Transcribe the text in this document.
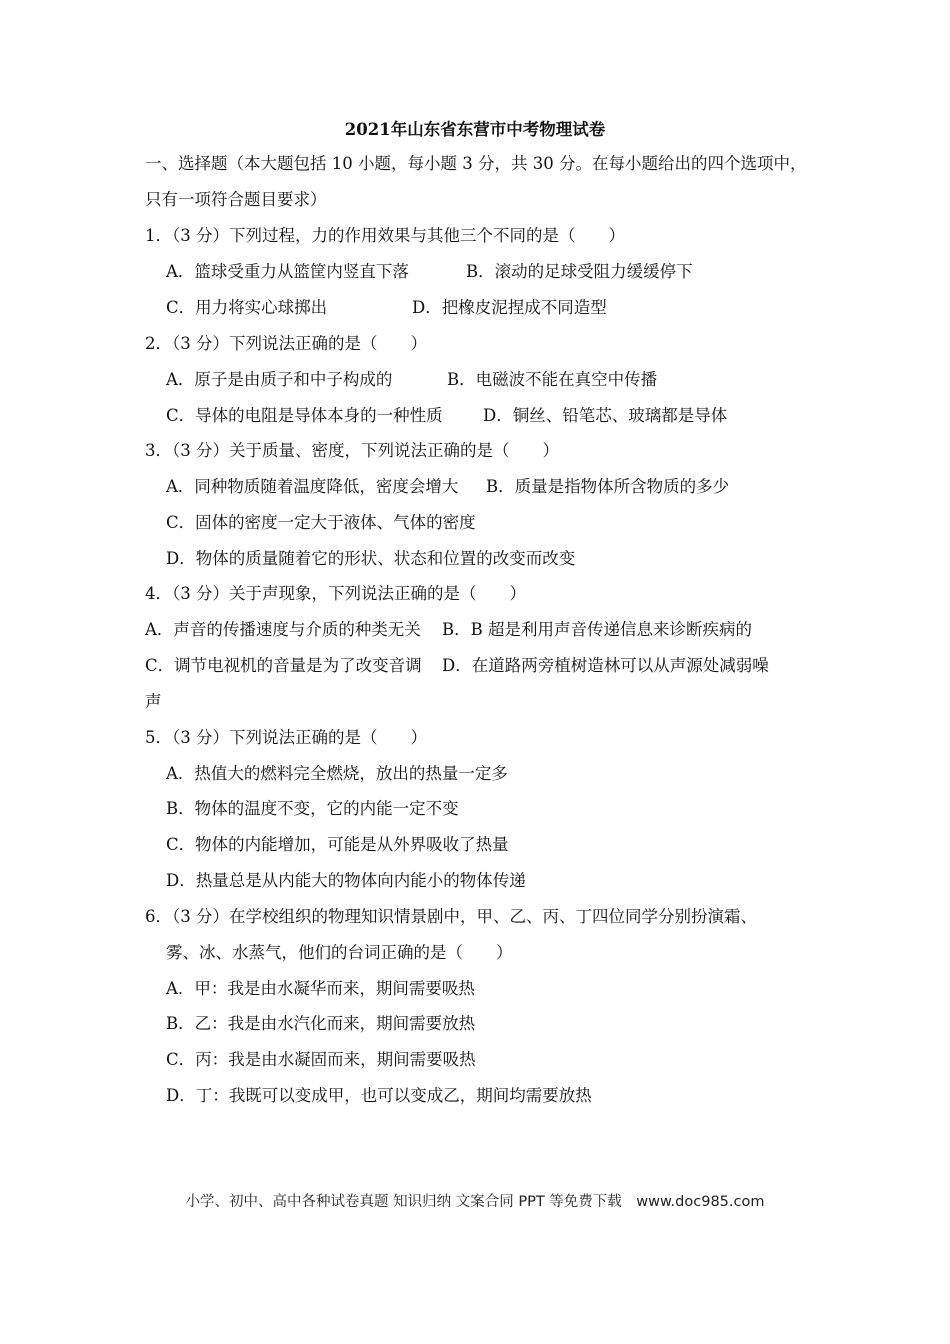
2021年山东省东营市中考物理试卷
一、选择题（本大题包括 10 小题，每小题 3 分，共 30 分。在每小题给出的四个选项中，
只有一项符合题目要求）
1．（3 分）下列过程，力的作用效果与其他三个不同的是（　　）
A．篮球受重力从篮筐内竖直下落	B．滚动的足球受阻力缓缓停下
C．用力将实心球掷出	D．把橡皮泥捏成不同造型
2．（3 分）下列说法正确的是（　　）
A．原子是由质子和中子构成的	B．电磁波不能在真空中传播
C．导体的电阻是导体本身的一种性质 D．铜丝、铅笔芯、玻璃都是导体
3．（3 分）关于质量、密度，下列说法正确的是（　　）
A．同种物质随着温度降低，密度会增大 B．质量是指物体所含物质的多少
C．固体的密度一定大于液体、气体的密度
D．物体的质量随着它的形状、状态和位置的改变而改变
4．（3 分）关于声现象，下列说法正确的是（　　）
A．声音的传播速度与介质的种类无关 B．B 超是利用声音传递信息来诊断疾病的
C．调节电视机的音量是为了改变音调 D．在道路两旁植树造林可以从声源处减弱噪
声
5．（3 分）下列说法正确的是（　　）
A．热值大的燃料完全燃烧，放出的热量一定多
B．物体的温度不变，它的内能一定不变
C．物体的内能增加，可能是从外界吸收了热量
D．热量总是从内能大的物体向内能小的物体传递
6．（3 分）在学校组织的物理知识情景剧中，甲、乙、丙、丁四位同学分别扮演霜、
雾、冰、水蒸气，他们的台词正确的是（　　）
A．甲：我是由水凝华而来，期间需要吸热
B．乙：我是由水汽化而来，期间需要放热
C．丙：我是由水凝固而来，期间需要吸热
D．丁：我既可以变成甲，也可以变成乙，期间均需要放热
小学、初中、高中各种试卷真题 知识归纳 文案合同 PPT 等免费下载　www.doc985.com
